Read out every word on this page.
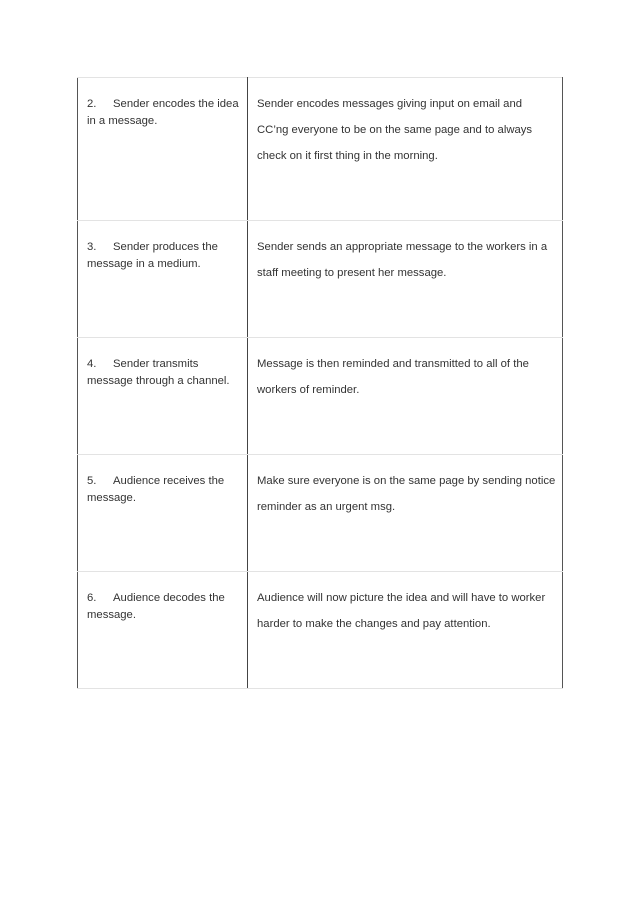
2. Sender encodes the idea in a message.	Sender encodes messages giving input on email and CC’ng everyone to be on the same page and to always check on it first thing in the morning.

3. Sender produces the message in a medium.	Sender sends an appropriate message to the workers in a staff meeting to present her message.

4. Sender transmits message through a channel.	Message is then reminded and transmitted to all of the workers of reminder.

5. Audience receives the message.	Make sure everyone is on the same page by sending notice reminder as an urgent msg.

6. Audience decodes the message.	Audience will now picture the idea and will have to worker harder to make the changes and pay attention.
